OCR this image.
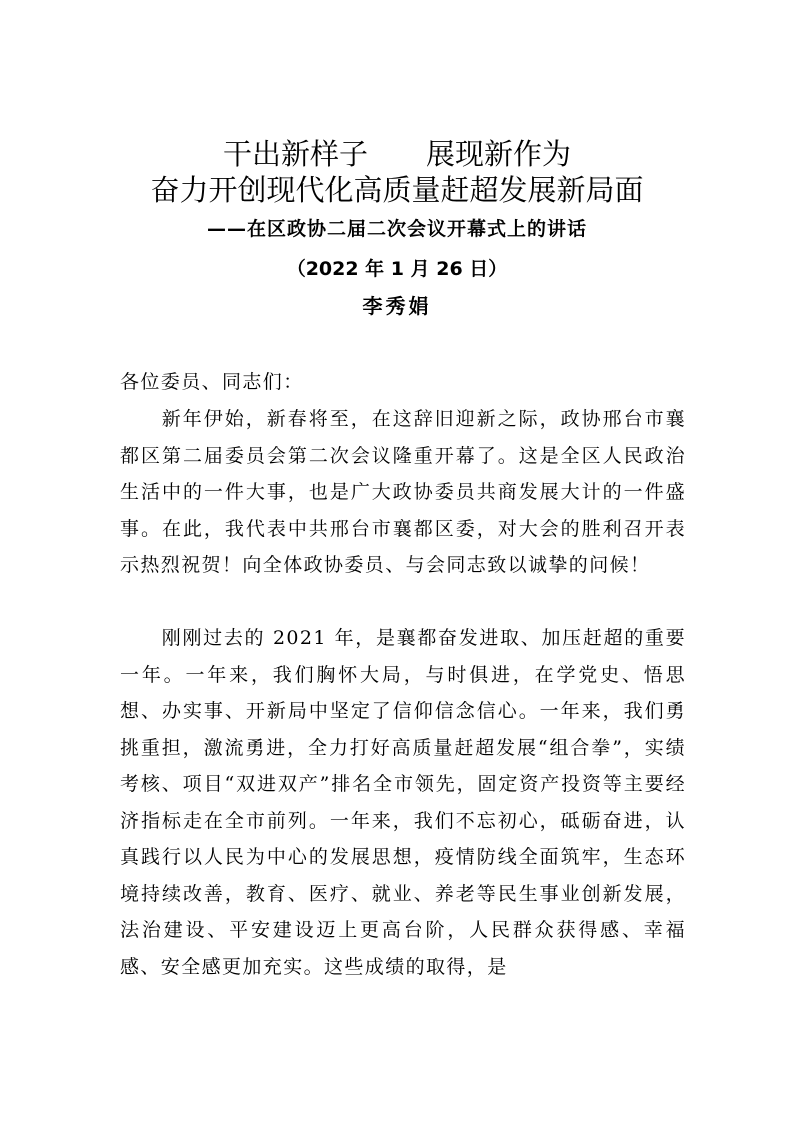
干出新样子　　展现新作为
奋力开创现代化高质量赶超发展新局面
——在区政协二届二次会议开幕式上的讲话
（2022 年 1 月 26 日）
李秀娟
各位委员、同志们：

新年伊始，新春将至，在这辞旧迎新之际，政协邢台市襄都区第二届委员会第二次会议隆重开幕了。这是全区人民政治生活中的一件大事，也是广大政协委员共商发展大计的一件盛事。在此，我代表中共邢台市襄都区委，对大会的胜利召开表示热烈祝贺！向全体政协委员、与会同志致以诚挚的问候！

刚刚过去的 2021 年，是襄都奋发进取、加压赶超的重要一年。一年来，我们胸怀大局，与时俱进，在学党史、悟思想、办实事、开新局中坚定了信仰信念信心。一年来，我们勇挑重担，激流勇进，全力打好高质量赶超发展“组合拳”，实绩考核、项目“双进双产”排名全市领先，固定资产投资等主要经济指标走在全市前列。一年来，我们不忘初心，砥砺奋进，认真践行以人民为中心的发展思想，疫情防线全面筑牢，生态环境持续改善，教育、医疗、就业、养老等民生事业创新发展，法治建设、平安建设迈上更高台阶，人民群众获得感、幸福感、安全感更加充实。这些成绩的取得，是
